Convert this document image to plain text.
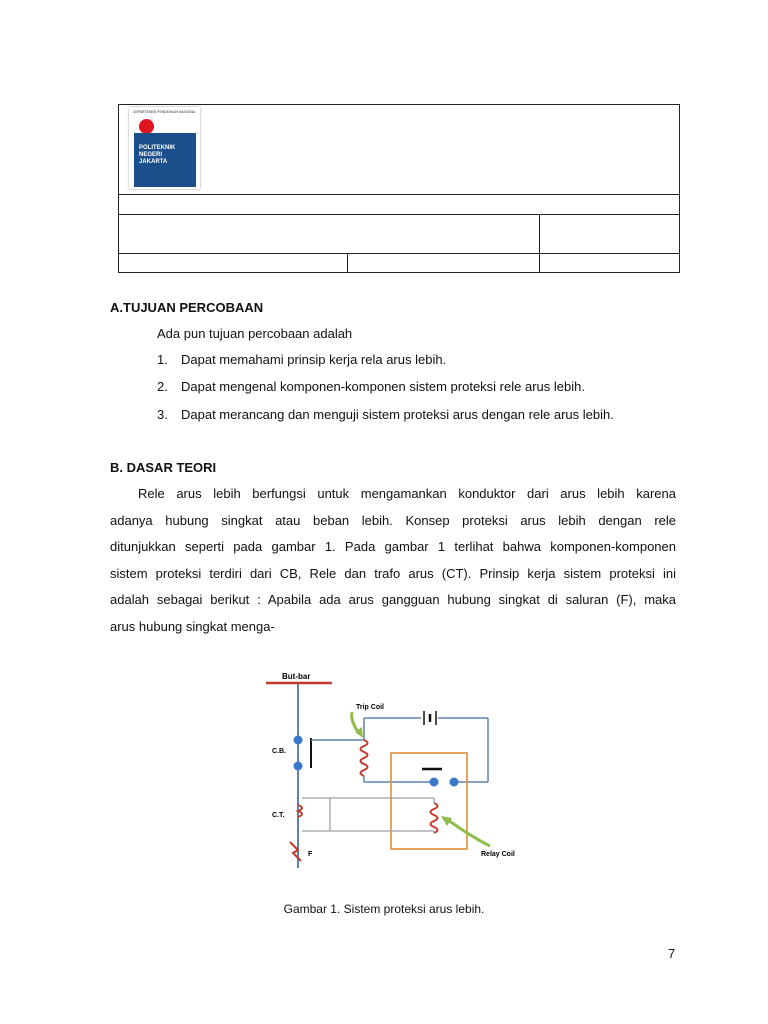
DEPARTEMEN PENDIDIKAN NASIONAL
POLITEKNIK
NEGERI
JAKARTA
A.TUJUAN PERCOBAAN
Ada pun tujuan percobaan adalah
1. Dapat memahami prinsip kerja rela arus lebih.
2. Dapat mengenal komponen-komponen sistem proteksi rele arus lebih.
3. Dapat merancang dan menguji sistem proteksi arus dengan rele arus lebih.
B. DASAR TEORI
Rele arus lebih berfungsi untuk mengamankan konduktor dari arus lebih karena
adanya hubung singkat atau beban lebih. Konsep proteksi arus lebih dengan rele
ditunjukkan seperti pada gambar 1. Pada gambar 1 terlihat bahwa komponen-komponen
sistem proteksi terdiri dari CB, Rele dan trafo arus (CT). Prinsip kerja sistem proteksi ini
adalah sebagai berikut : Apabila ada arus gangguan hubung singkat di saluran (F), maka
arus hubung singkat menga-
But-bar
C.B.
C.T.
F
Trip Coil
Relay Coil
Gambar 1. Sistem proteksi arus lebih.
7
